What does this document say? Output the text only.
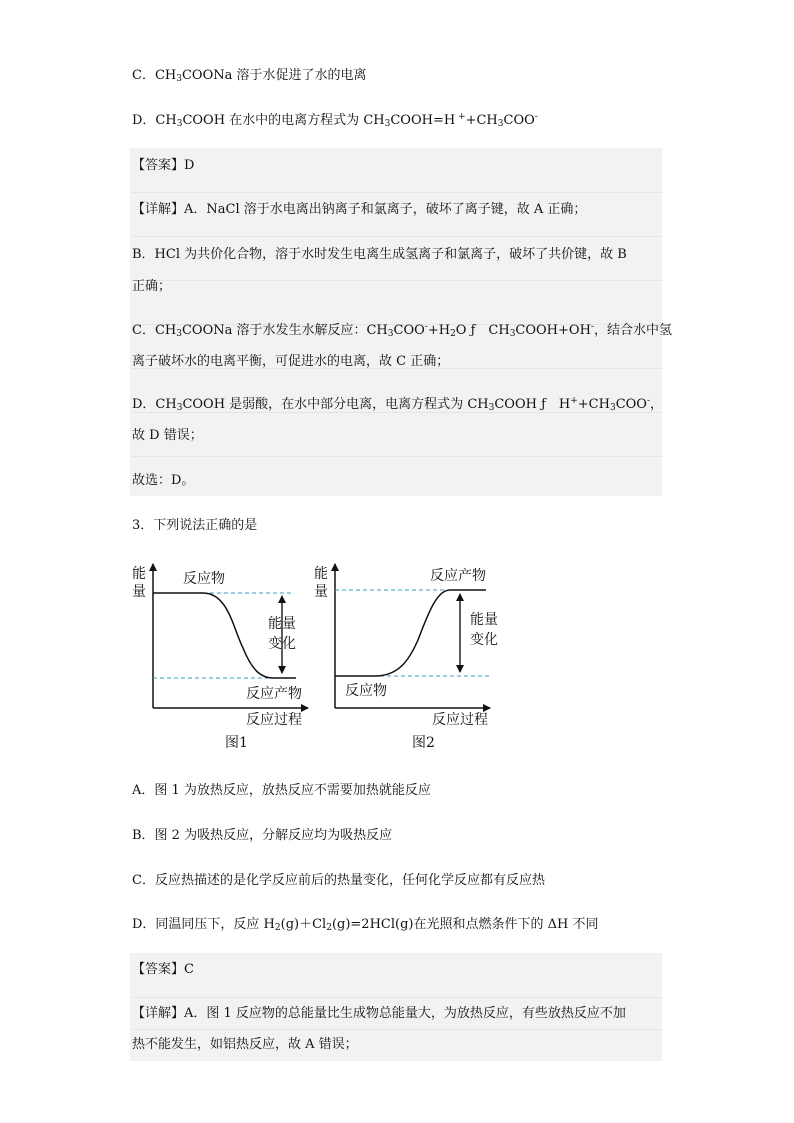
C．$CH_3COONa$ 溶于水促进了水的电离
D．$CH_3COOH$ 在水中的电离方程式为 $CH_3COOH=H$ $^++CH_3COO^-$
【答案】D
【详解】A．NaCl 溶于水电离出钠离子和氯离子，破坏了离子键，故 A 正确；
B．HCl 为共价化合物，溶于水时发生电离生成氢离子和氯离子，破坏了共价键，故 B
正确；
C．$CH_3COONa$ 溶于水发生水解反应：$CH_3COO^-+H_2O$ ƒ　$CH_3COOH+OH^-$，结合水中氢
离子破坏水的电离平衡，可促进水的电离，故 C 正确；
D．$CH_3COOH$ 是弱酸，在水中部分电离，电离方程式为 $CH_3COOH$ ƒ　$H^++CH_3COO^-$，
故 D 错误；
故选：D。
3．下列说法正确的是
能
量
反应物
能量
变化
反应产物
反应过程
图1
能
量
反应产物
能量
变化
反应物
反应过程
图2
A．图 1 为放热反应，放热反应不需要加热就能反应
B．图 2 为吸热反应，分解反应均为吸热反应
C．反应热描述的是化学反应前后的热量变化，任何化学反应都有反应热
D．同温同压下，反应 $H_2(g)+Cl_2(g)=2HCl(g)$在光照和点燃条件下的 ΔH 不同
【答案】C
【详解】A．图 1 反应物的总能量比生成物总能量大，为放热反应，有些放热反应不加
热不能发生，如铝热反应，故 A 错误；
